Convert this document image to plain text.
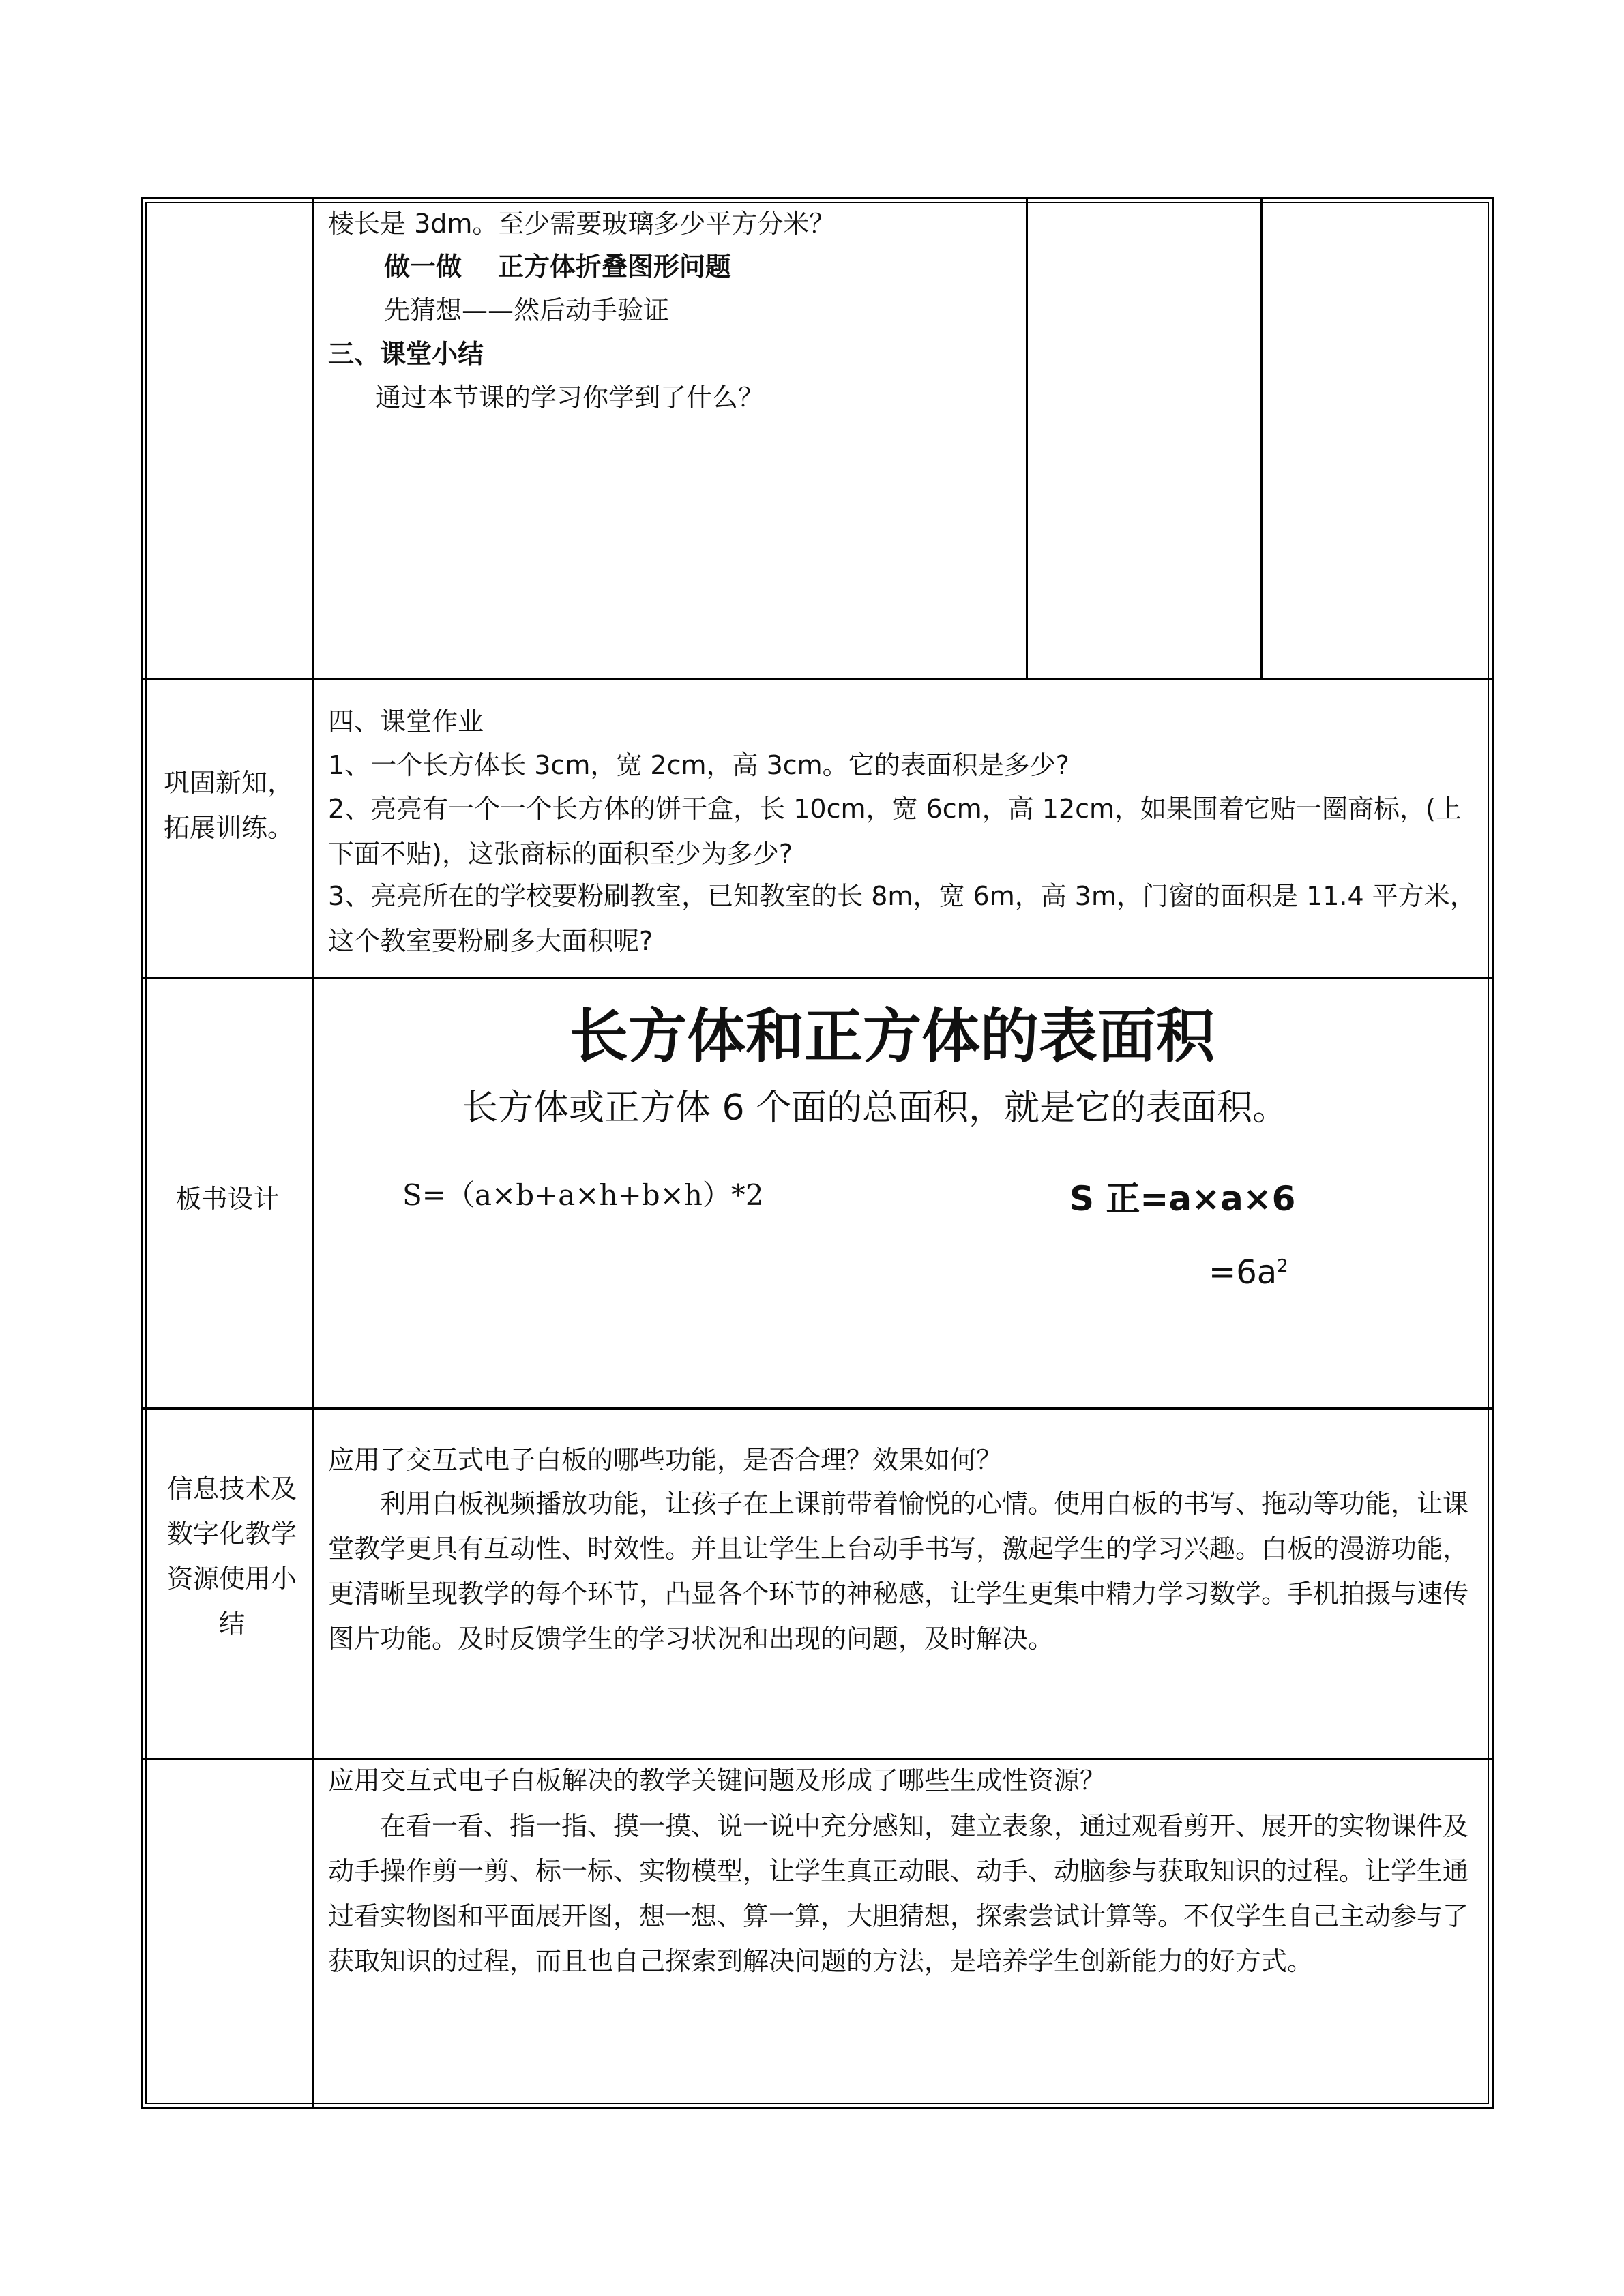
棱长是 3dm。至少需要玻璃多少平方分米？
做一做    正方体折叠图形问题
先猜想——然后动手验证
三、课堂小结
通过本节课的学习你学到了什么？
巩固新知，拓展训练。
四、课堂作业
1、一个长方体长 3cm，宽 2cm，高 3cm。它的表面积是多少?
2、亮亮有一个一个长方体的饼干盒，长 10cm，宽 6cm，高 12cm，如果围着它贴一圈商标，(上下面不贴)，这张商标的面积至少为多少?
3、亮亮所在的学校要粉刷教室，已知教室的长 8m，宽 6m，高 3m，门窗的面积是 11.4 平方米，这个教室要粉刷多大面积呢?
板书设计
长方体和正方体的表面积
长方体或正方体 6 个面的总面积，就是它的表面积。
S=（a×b+a×h+b×h）*2	S 正=a×a×6
$=6a^2$
信息技术及数字化教学资源使用小结
应用了交互式电子白板的哪些功能，是否合理？效果如何？
利用白板视频播放功能，让孩子在上课前带着愉悦的心情。使用白板的书写、拖动等功能，让课堂教学更具有互动性、时效性。并且让学生上台动手书写，激起学生的学习兴趣。白板的漫游功能，更清晰呈现教学的每个环节，凸显各个环节的神秘感，让学生更集中精力学习数学。手机拍摄与速传图片功能。及时反馈学生的学习状况和出现的问题，及时解决。
应用交互式电子白板解决的教学关键问题及形成了哪些生成性资源？
在看一看、指一指、摸一摸、说一说中充分感知，建立表象，通过观看剪开、展开的实物课件及动手操作剪一剪、标一标、实物模型，让学生真正动眼、动手、动脑参与获取知识的过程。让学生通过看实物图和平面展开图，想一想、算一算，大胆猜想，探索尝试计算等。不仅学生自己主动参与了获取知识的过程，而且也自己探索到解决问题的方法，是培养学生创新能力的好方式。
